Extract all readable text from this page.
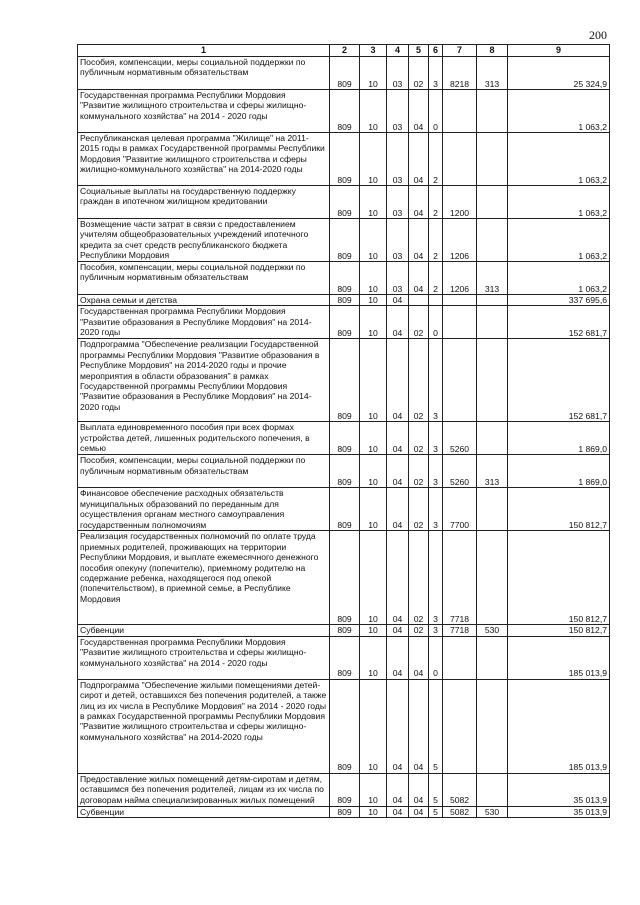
200
1	2	3	4	5	6	7	8	9
Пособия, компенсации, меры социальной поддержки по публичным нормативным обязательствам	809	10	03	02	3	8218	313	25 324,9
Государственная программа Республики Мордовия "Развитие жилищного строительства и сферы жилищно-коммунального хозяйства" на 2014 - 2020 годы	809	10	03	04	0			1 063,2
Республиканская целевая программа "Жилище" на 2011-2015 годы в рамках Государственной программы Республики Мордовия "Развитие жилищного строительства и сферы жилищно-коммунального хозяйства" на 2014-2020 годы	809	10	03	04	2			1 063,2
Социальные выплаты на государственную поддержку граждан в ипотечном жилищном кредитовании	809	10	03	04	2	1200		1 063,2
Возмещение части затрат в связи с предоставлением учителям общеобразовательных учреждений ипотечного кредита за счет средств республиканского бюджета Республики Мордовия	809	10	03	04	2	1206		1 063,2
Пособия, компенсации, меры социальной поддержки по публичным нормативным обязательствам	809	10	03	04	2	1206	313	1 063,2
Охрана семьи и детства	809	10	04					337 695,6
Государственная программа Республики Мордовия "Развитие образования в Республике Мордовия" на 2014-2020 годы	809	10	04	02	0			152 681,7
Подпрограмма "Обеспечение реализации Государственной программы Республики Мордовия "Развитие образования в Республике Мордовия" на 2014-2020 годы и прочие мероприятия в области образования" в рамках Государственной программы Республики Мордовия "Развитие образования в Республике Мордовия" на 2014-2020 годы	809	10	04	02	3			152 681,7
Выплата единовременного пособия при всех формах устройства детей, лишенных родительского попечения, в семью	809	10	04	02	3	5260		1 869,0
Пособия, компенсации, меры социальной поддержки по публичным нормативным обязательствам	809	10	04	02	3	5260	313	1 869,0
Финансовое обеспечение расходных обязательств муниципальных образований по переданным для осуществления органам местного самоуправления государственным полномочиям	809	10	04	02	3	7700		150 812,7
Реализация государственных полномочий по оплате труда приемных родителей, проживающих на территории Республики Мордовия, и выплате ежемесячного денежного пособия опекуну (попечителю), приемному родителю на содержание ребенка, находящегося под опекой (попечительством), в приемной семье, в Республике Мордовия	809	10	04	02	3	7718		150 812,7
Субвенции	809	10	04	02	3	7718	530	150 812,7
Государственная программа Республики Мордовия "Развитие жилищного строительства и сферы жилищно-коммунального хозяйства" на 2014 - 2020 годы	809	10	04	04	0			185 013,9
Подпрограмма "Обеспечение жилыми помещениями детей-сирот и детей, оставшихся без попечения родителей, а также лиц из их числа в Республике Мордовия" на 2014 - 2020 годы в рамках Государственной программы Республики Мордовия "Развитие жилищного строительства и сферы жилищно-коммунального хозяйства" на 2014-2020 годы	809	10	04	04	5			185 013,9
Предоставление жилых помещений детям-сиротам и детям, оставшимся без попечения родителей, лицам из их числа по договорам найма специализированных жилых помещений	809	10	04	04	5	5082		35 013,9
Субвенции	809	10	04	04	5	5082	530	35 013,9
